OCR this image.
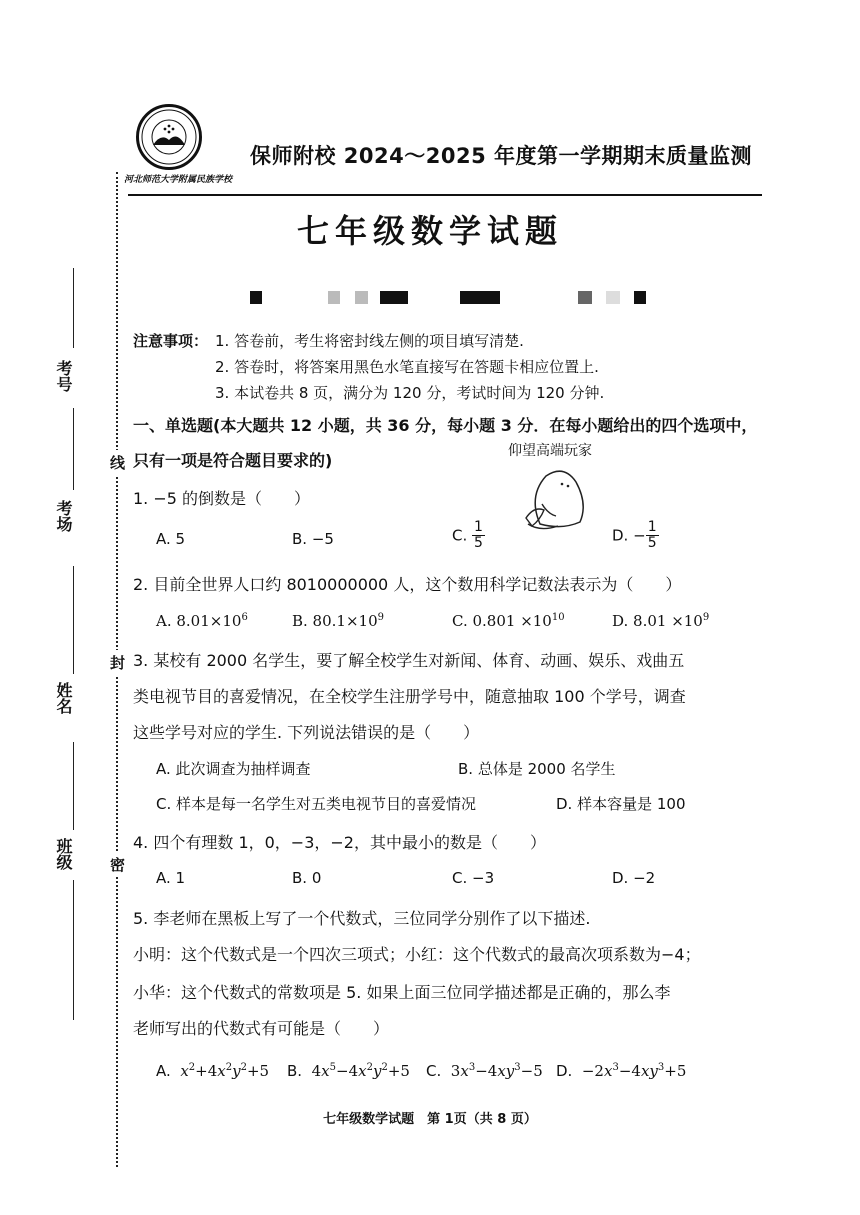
考号
考场
姓名
班级
线
封
密
河北师范大学附属民族学校
保师附校 2024～2025 年度第一学期期末质量监测
七年级数学试题
注意事项： 1. 答卷前，考生将密封线左侧的项目填写清楚.
2. 答卷时，将答案用黑色水笔直接写在答题卡相应位置上.
3. 本试卷共 8 页，满分为 120 分，考试时间为 120 分钟.
一、单选题(本大题共 12 小题，共 36 分，每小题 3 分．在每小题给出的四个选项中，
只有一项是符合题目要求的)	仰望高端玩家
1. −5 的倒数是（　　）
A. 5	B. −5	C. $\frac{1}{5}$	D. − $\frac{1}{5}$
2. 目前全世界人口约 8010000000 人，这个数用科学记数法表示为（　　）
A. $8.01\times 10^6$	B. $80.1\times 10^9$	C. $0.801 \times 10^{10}$	D. $8.01 \times 10^9$
3. 某校有 2000 名学生，要了解全校学生对新闻、体育、动画、娱乐、戏曲五
类电视节目的喜爱情况，在全校学生注册学号中，随意抽取 100 个学号，调查
这些学号对应的学生. 下列说法错误的是（　　）
A. 此次调查为抽样调查	B. 总体是 2000 名学生
C. 样本是每一名学生对五类电视节目的喜爱情况	D. 样本容量是 100
4. 四个有理数 1，0，−3，−2，其中最小的数是（　　）
A. 1	B. 0	C. −3	D. −2
5. 李老师在黑板上写了一个代数式，三位同学分别作了以下描述.
小明：这个代数式是一个四次三项式；小红：这个代数式的最高次项系数为−4；
小华：这个代数式的常数项是 5. 如果上面三位同学描述都是正确的，那么李
老师写出的代数式有可能是（　　）
A. $x^2+4x^2y^2+5$ B.  $4x^5-4x^2y^2+5$ C.  $3x^3-4xy^3-5$ D.  $-2x^3-4xy^3+5$
七年级数学试题　第 1页（共 8 页）
